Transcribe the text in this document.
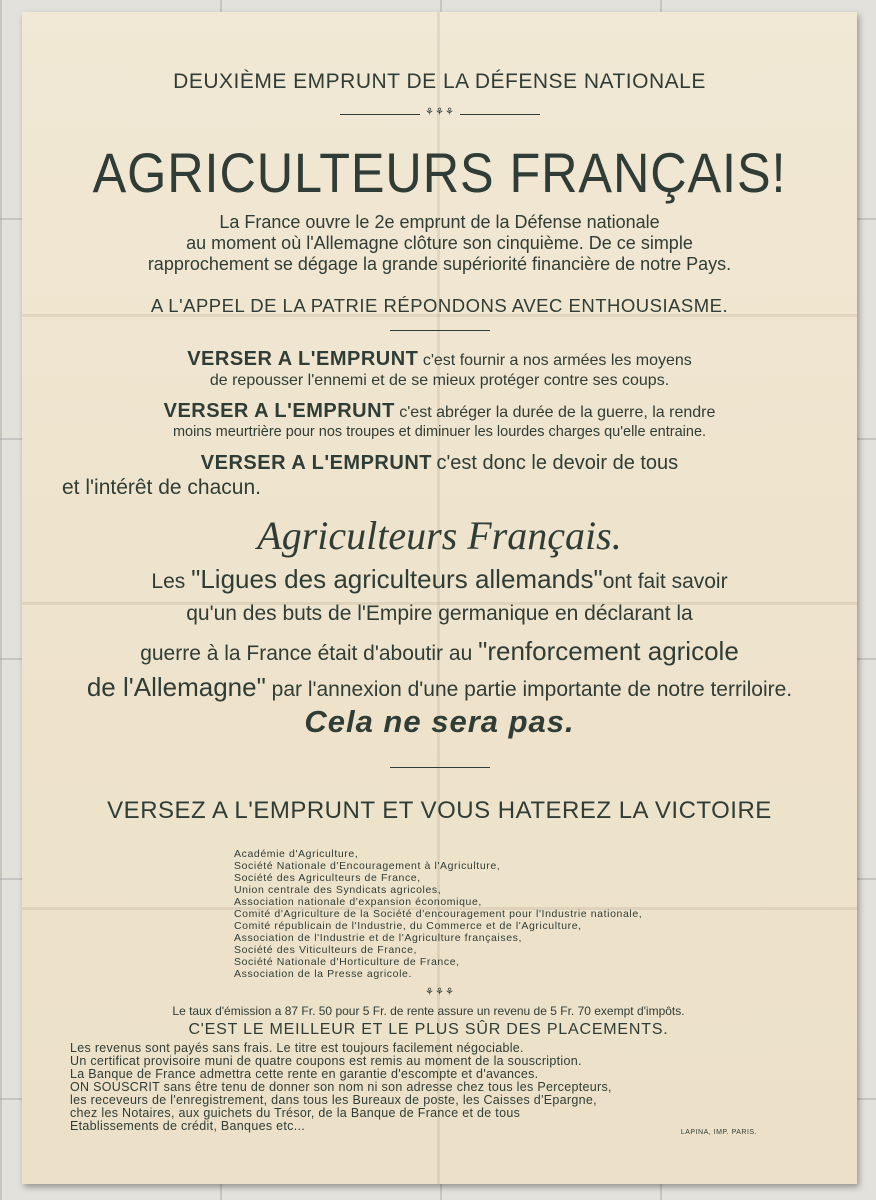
DEUXIÈME EMPRUNT DE LA DÉFENSE NATIONALE
⚘⚘⚘
AGRICULTEURS FRANÇAIS!
La France ouvre le 2e emprunt de la Défense nationale
au moment où l'Allemagne clôture son cinquième. De ce simple
rapprochement se dégage la grande supériorité financière de notre Pays.
A L'APPEL DE LA PATRIE RÉPONDONS AVEC ENTHOUSIASME.
VERSER A L'EMPRUNT c'est fournir a nos armées les moyens
de repousser l'ennemi et de se mieux protéger contre ses coups.
VERSER A L'EMPRUNT c'est abréger la durée de la guerre, la rendre
moins meurtrière pour nos troupes et diminuer les lourdes charges qu'elle entraine.
VERSER A L'EMPRUNT c'est donc le devoir de tous
et l'intérêt de chacun.
Agriculteurs Français.
Les "Ligues des agriculteurs allemands"ont fait savoir
qu'un des buts de l'Empire germanique en déclarant la
guerre à la France était d'aboutir au "renforcement agricole
de l'Allemagne" par l'annexion d'une partie importante de notre terriloire.
Cela ne sera pas.
VERSEZ A L'EMPRUNT ET VOUS HATEREZ LA VICTOIRE
Académie d'Agriculture,
Société Nationale d'Encouragement à l'Agriculture,
Société des Agriculteurs de France,
Union centrale des Syndicats agricoles,
Association nationale d'expansion économique,
Comité d'Agriculture de la Société d'encouragement pour l'Industrie nationale,
Comité républicain de l'Industrie, du Commerce et de l'Agriculture,
Association de l'Industrie et de l'Agriculture françaises,
Société des Viticulteurs de France,
Société Nationale d'Horticulture de France,
Association de la Presse agricole.
⚘⚘⚘
Le taux d'émission a 87 Fr. 50 pour 5 Fr. de rente assure un revenu de 5 Fr. 70 exempt d'impôts.
C'EST LE MEILLEUR ET LE PLUS SÛR DES PLACEMENTS.
Les revenus sont payés sans frais. Le titre est toujours facilement négociable.
Un certificat provisoire muni de quatre coupons est remis au moment de la souscription.
La Banque de France admettra cette rente en garantie d'escompte et d'avances.
ON SOUSCRIT sans être tenu de donner son nom ni son adresse chez tous les Percepteurs,
les receveurs de l'enregistrement, dans tous les Bureaux de poste, les Caisses d'Epargne,
chez les Notaires, aux guichets du Trésor, de la Banque de France et de tous
Etablissements de crédit, Banques etc...	LAPINA, IMP. PARIS.
